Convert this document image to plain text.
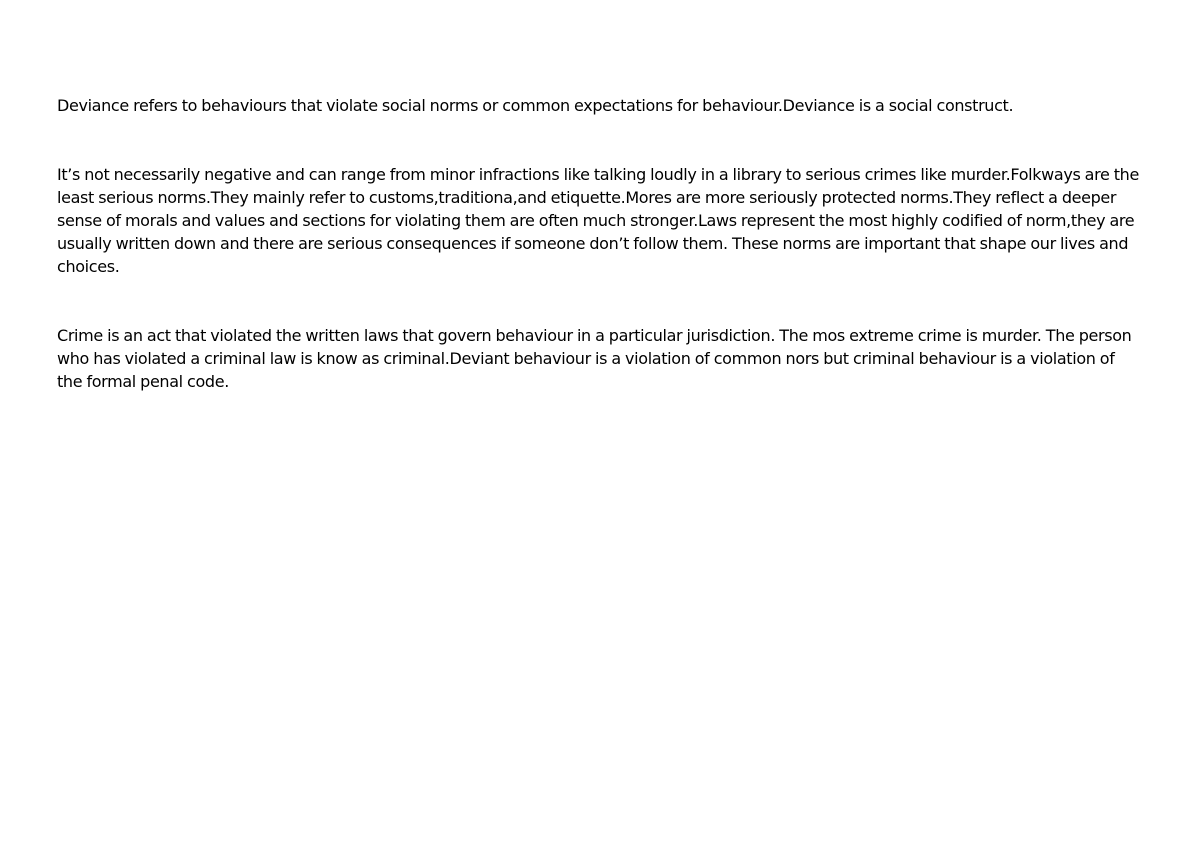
Deviance refers to behaviours that violate social norms or common expectations for behaviour.Deviance is a social construct.

It’s not necessarily negative and can range from minor infractions like talking loudly in a library to serious crimes like murder.Folkways are the least serious norms.They mainly refer to customs,traditiona,and etiquette.Mores are more seriously protected norms.They reflect a deeper sense of morals and values and sections for violating them are often much stronger.Laws represent the most highly codified of norm,they are usually written down and there are serious consequences if someone don’t follow them. These norms are important that shape our lives and choices.

Crime is an act that violated the written laws that govern behaviour in a particular jurisdiction. The mos extreme crime is murder. The person who has violated a criminal law is know as criminal.Deviant behaviour is a violation of common nors but criminal behaviour is a violation of the formal penal code.
